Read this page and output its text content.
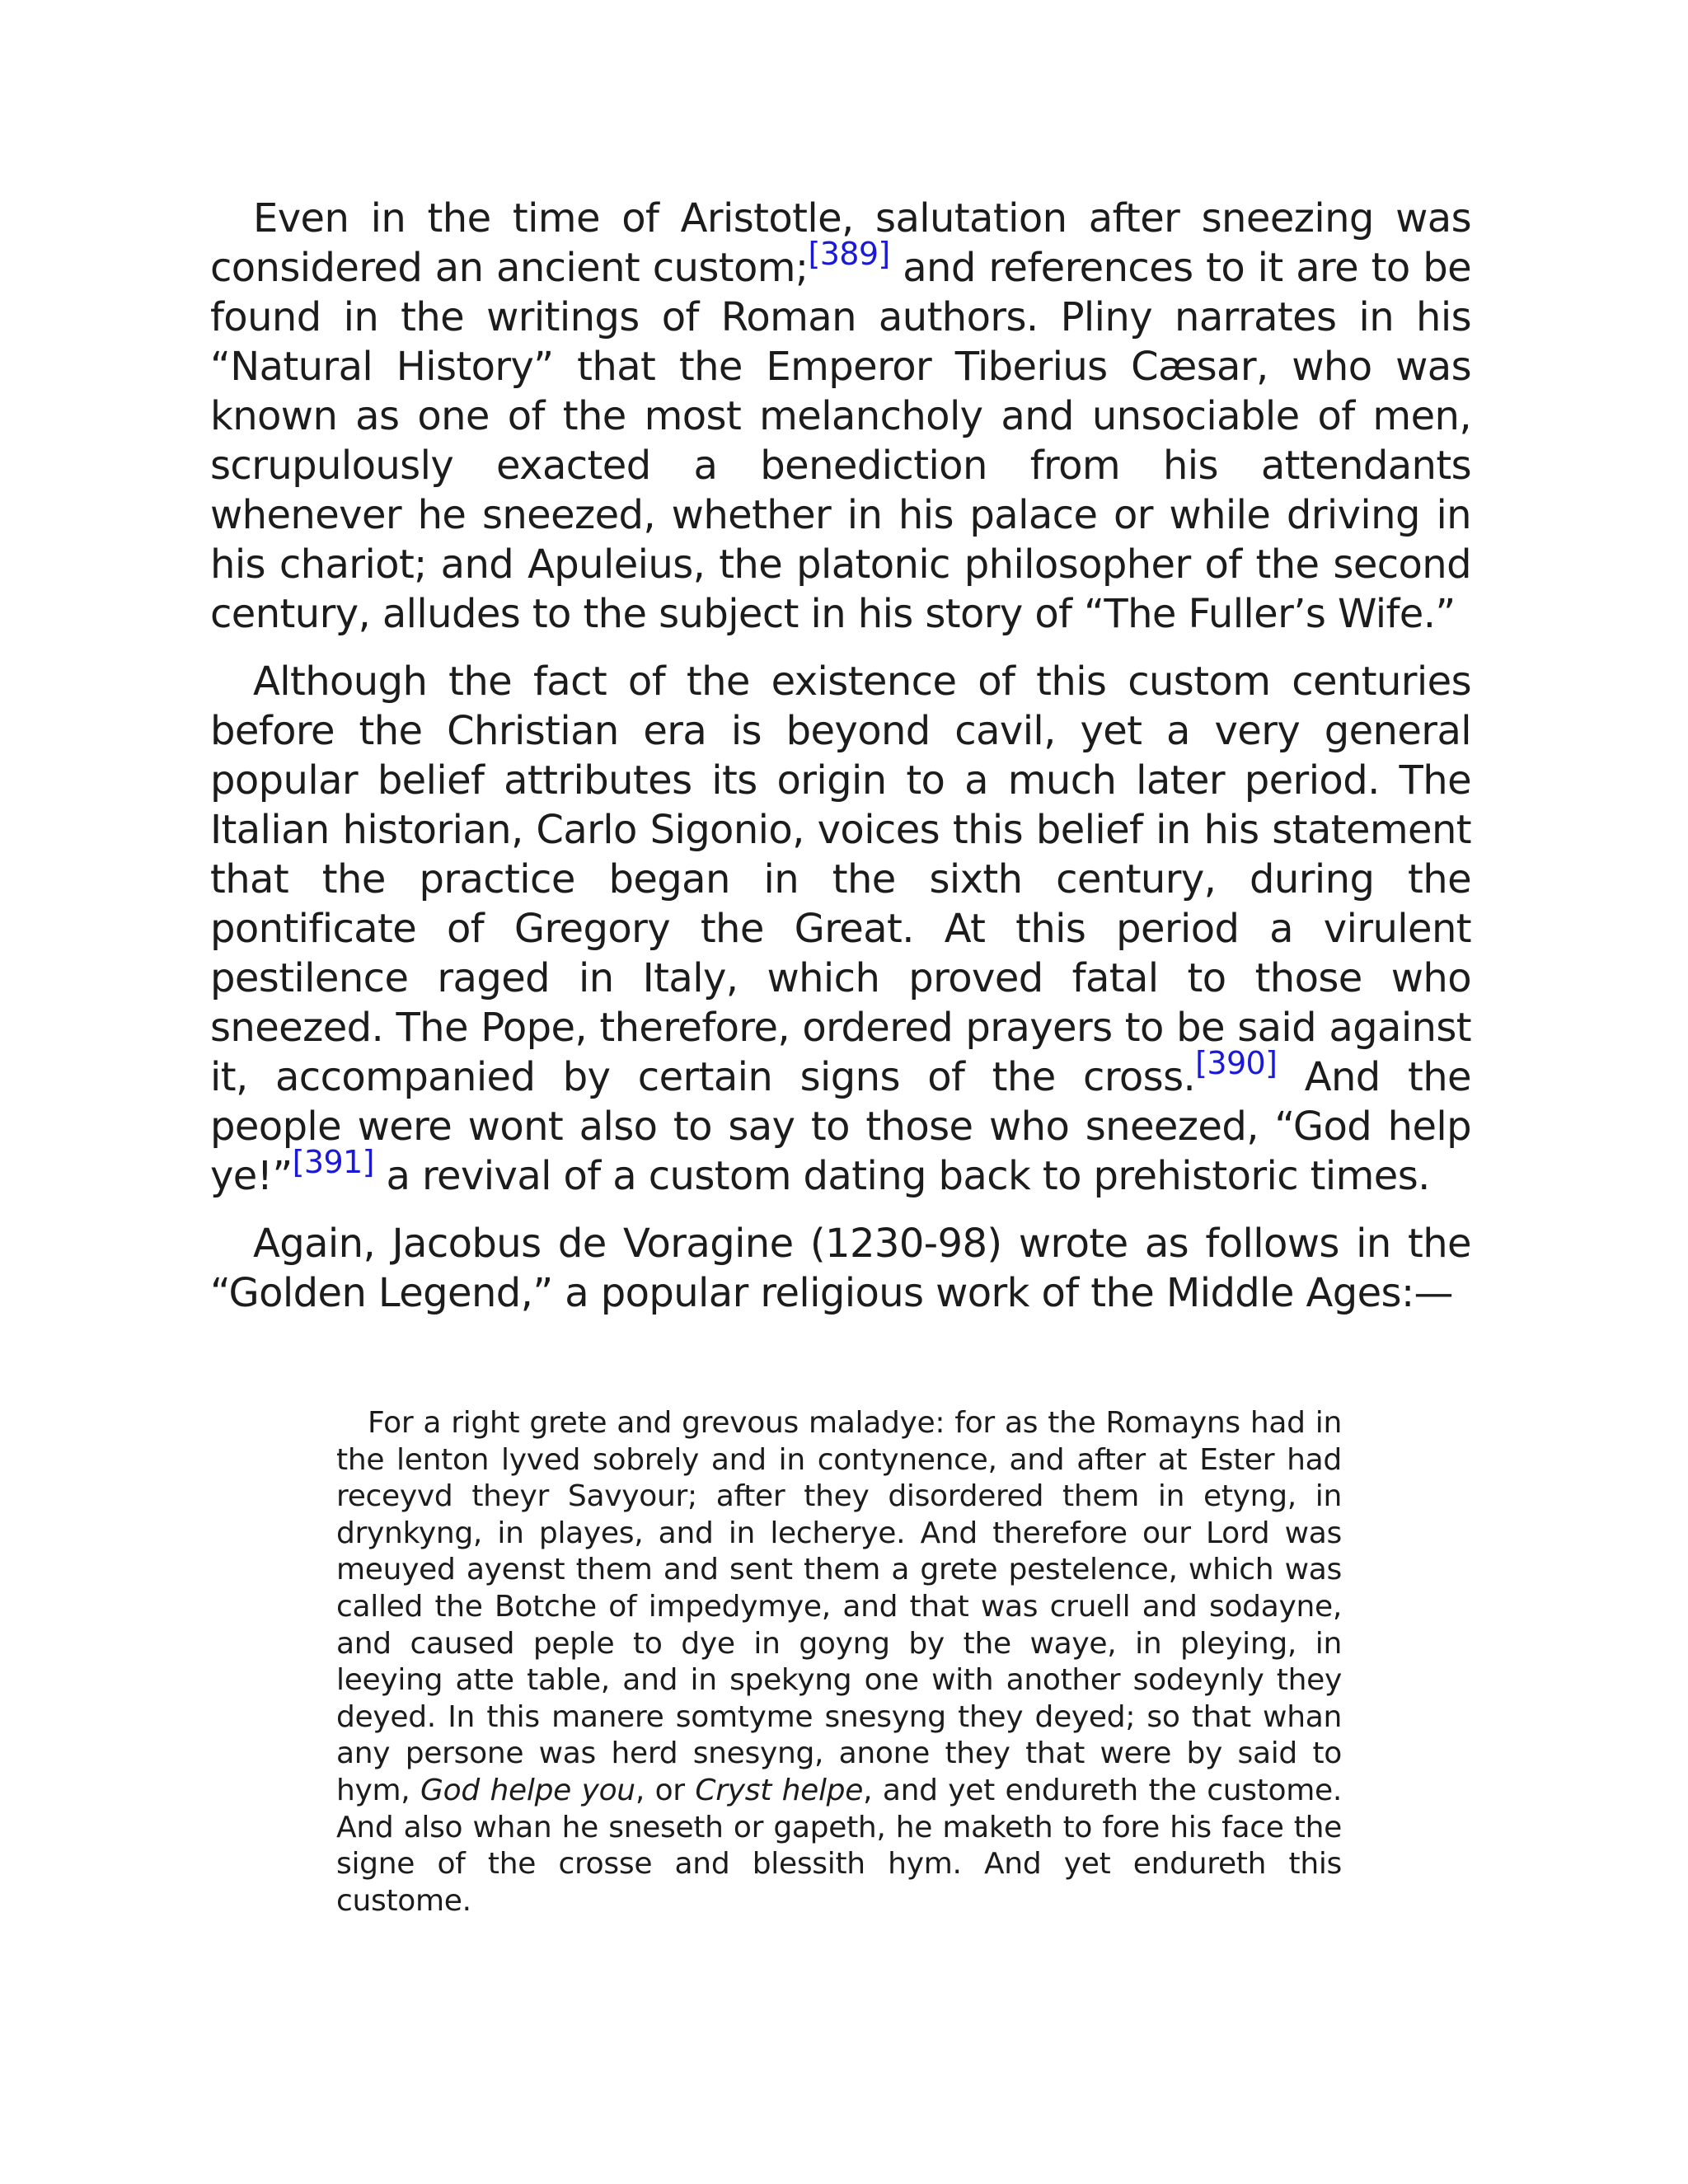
Even in the time of Aristotle, salutation after sneezing was considered an ancient custom;[389] and references to it are to be found in the writings of Roman authors. Pliny narrates in his “Natural History” that the Emperor Tiberius Cæsar, who was known as one of the most melancholy and unsociable of men, scrupulously exacted a benediction from his attendants whenever he sneezed, whether in his palace or while driving in his chariot; and Apuleius, the platonic philosopher of the second century, alludes to the subject in his story of “The Fuller’s Wife.”

Although the fact of the existence of this custom centuries before the Christian era is beyond cavil, yet a very general popular belief attributes its origin to a much later period. The Italian historian, Carlo Sigonio, voices this belief in his statement that the practice began in the sixth century, during the pontificate of Gregory the Great. At this period a virulent pestilence raged in Italy, which proved fatal to those who sneezed. The Pope, therefore, ordered prayers to be said against it, accompanied by certain signs of the cross.[390] And the people were wont also to say to those who sneezed, “God help ye!”[391] a revival of a custom dating back to prehistoric times.

Again, Jacobus de Voragine (1230-98) wrote as follows in the “Golden Legend,” a popular religious work of the Middle Ages:—

For a right grete and grevous maladye: for as the Romayns had in the lenton lyved sobrely and in contynence, and after at Ester had receyvd theyr Savyour; after they disordered them in etyng, in drynkyng, in playes, and in lecherye. And therefore our Lord was meuyed ayenst them and sent them a grete pestelence, which was called the Botche of impedymye, and that was cruell and sodayne, and caused peple to dye in goyng by the waye, in pleying, in leeying atte table, and in spekyng one with another sodeynly they deyed. In this manere somtyme snesyng they deyed; so that whan any persone was herd snesyng, anone they that were by said to hym, God helpe you, or Cryst helpe, and yet endureth the custome. And also whan he sneseth or gapeth, he maketh to fore his face the signe of the crosse and blessith hym. And yet endureth this custome.
